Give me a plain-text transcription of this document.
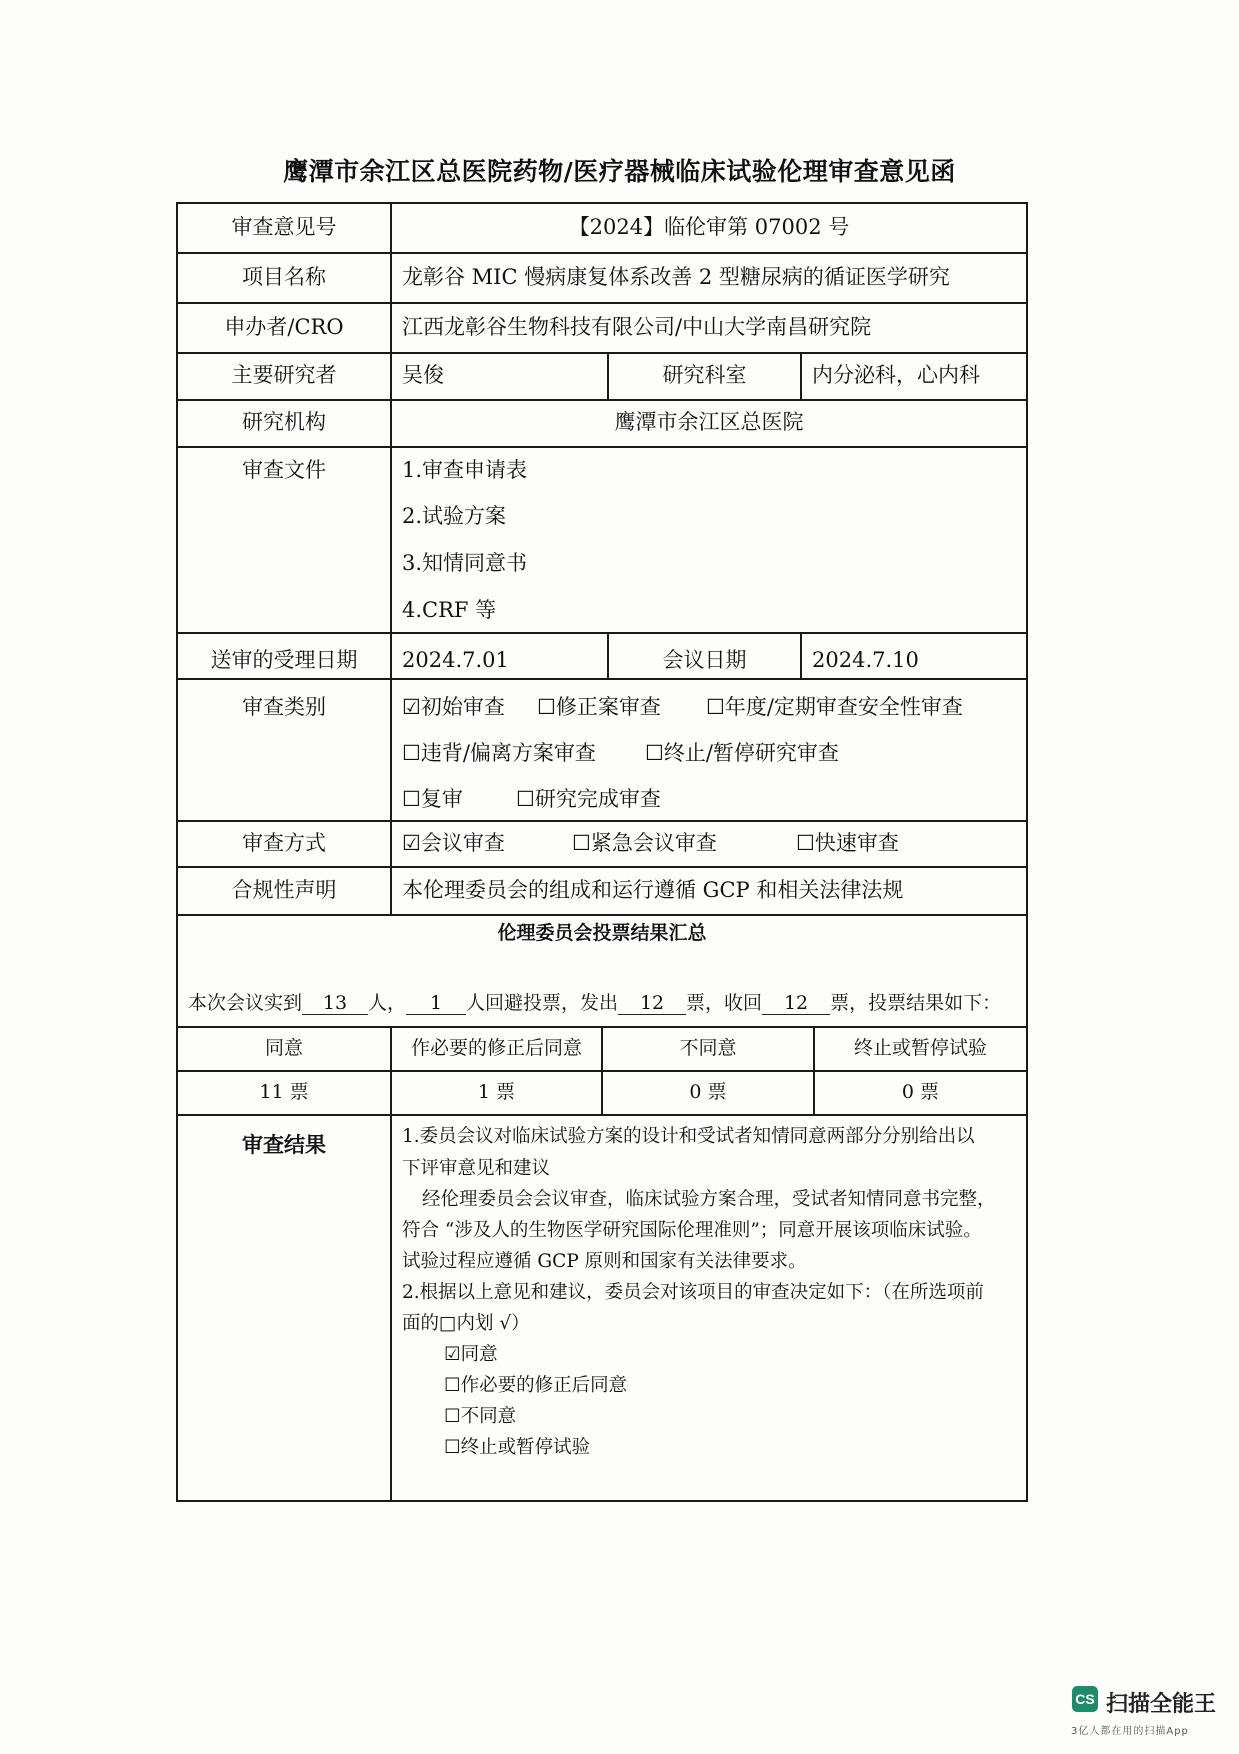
鹰潭市余江区总医院药物/医疗器械临床试验伦理审查意见函
审查意见号	【2024】临伦审第 07002 号
项目名称	龙彰谷 MIC 慢病康复体系改善 2 型糖尿病的循证医学研究
申办者/CRO	江西龙彰谷生物科技有限公司/中山大学南昌研究院
主要研究者	吴俊	研究科室	内分泌科，心内科
研究机构	鹰潭市余江区总医院
审查文件	1.审查申请表
2.试验方案
3.知情同意书
4.CRF 等
送审的受理日期	2024.7.01	会议日期	2024.7.10
审查类别	☑初始审查 ☐修正案审查 ☐年度/定期审查安全性审查
☐违背/偏离方案审查 ☐终止/暂停研究审查
☐复审	☐研究完成审查
审查方式	☑会议审查	☐紧急会议审查	☐快速审查
合规性声明	本伦理委员会的组成和运行遵循 GCP 和相关法律法规
伦理委员会投票结果汇总
本次会议实到 13 人， 1 人回避投票，发出 12 票，收回 12 票，投票结果如下：
同意	作必要的修正后同意	不同意	终止或暂停试验
11 票	1 票	0 票	0 票
审查结果	1.委员会议对临床试验方案的设计和受试者知情同意两部分分别给出以
下评审意见和建议
经伦理委员会会议审查，临床试验方案合理，受试者知情同意书完整，
符合 “涉及人的生物医学研究国际伦理准则”；同意开展该项临床试验。
试验过程应遵循 GCP 原则和国家有关法律要求。
2.根据以上意见和建议，委员会对该项目的审查决定如下：（在所选项前
面的□内划 √）
☑同意
☐作必要的修正后同意
☐不同意
☐终止或暂停试验
CS 扫描全能王
3亿人都在用的扫描App
